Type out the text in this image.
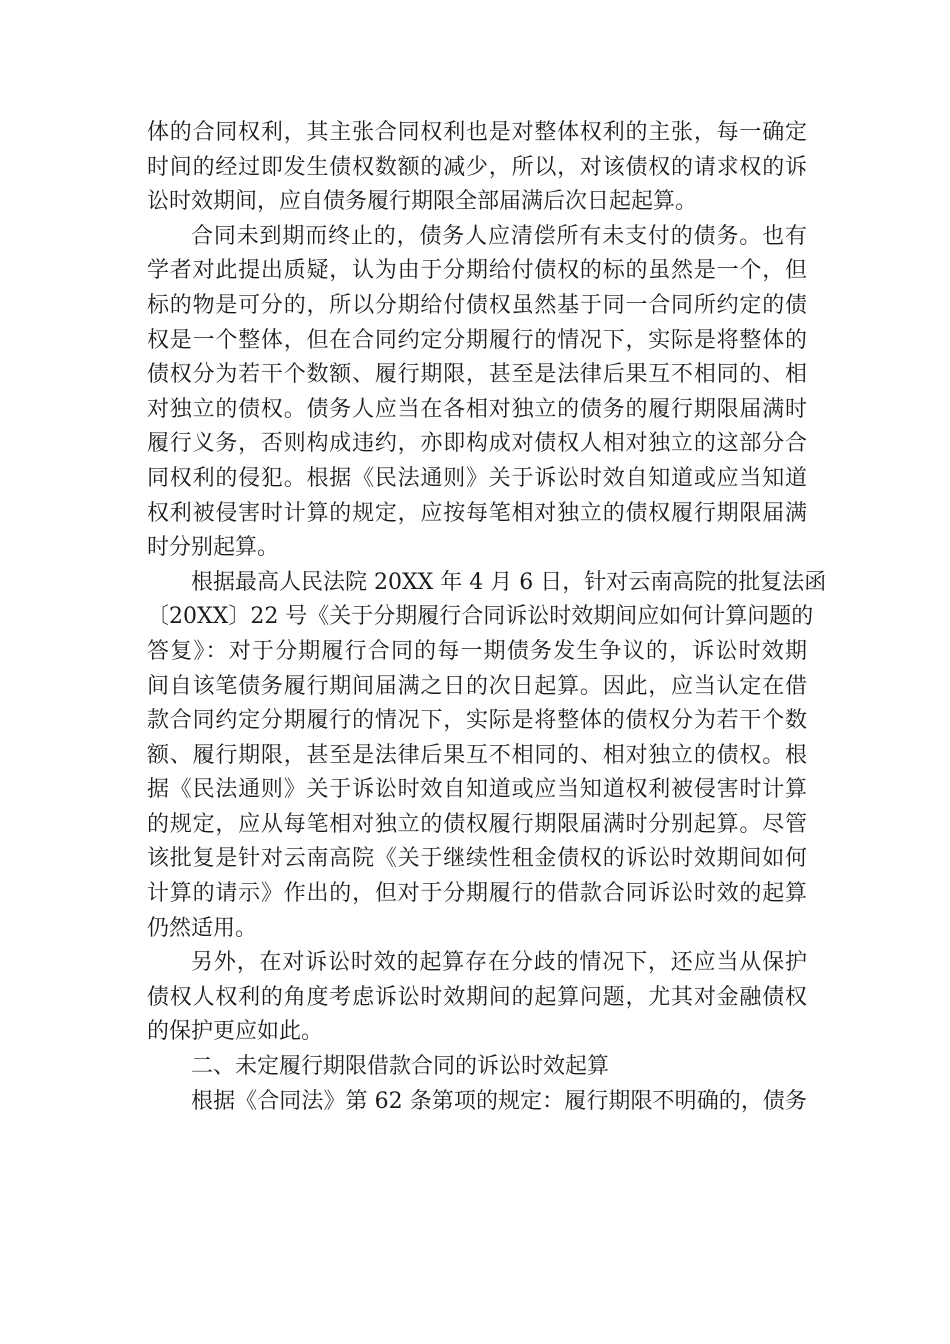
体的合同权利，其主张合同权利也是对整体权利的主张，每一确定
时间的经过即发生债权数额的减少，所以，对该债权的请求权的诉
讼时效期间，应自债务履行期限全部届满后次日起起算。
合同未到期而终止的，债务人应清偿所有未支付的债务。也有
学者对此提出质疑，认为由于分期给付债权的标的虽然是一个，但
标的物是可分的，所以分期给付债权虽然基于同一合同所约定的债
权是一个整体，但在合同约定分期履行的情况下，实际是将整体的
债权分为若干个数额、履行期限，甚至是法律后果互不相同的、相
对独立的债权。债务人应当在各相对独立的债务的履行期限届满时
履行义务，否则构成违约，亦即构成对债权人相对独立的这部分合
同权利的侵犯。根据《民法通则》关于诉讼时效自知道或应当知道
权利被侵害时计算的规定，应按每笔相对独立的债权履行期限届满
时分别起算。
根据最高人民法院 20XX 年 4 月 6 日，针对云南高院的批复法函
〔20XX〕22 号《关于分期履行合同诉讼时效期间应如何计算问题的
答复》：对于分期履行合同的每一期债务发生争议的，诉讼时效期
间自该笔债务履行期间届满之日的次日起算。因此，应当认定在借
款合同约定分期履行的情况下，实际是将整体的债权分为若干个数
额、履行期限，甚至是法律后果互不相同的、相对独立的债权。根
据《民法通则》关于诉讼时效自知道或应当知道权利被侵害时计算
的规定，应从每笔相对独立的债权履行期限届满时分别起算。尽管
该批复是针对云南高院《关于继续性租金债权的诉讼时效期间如何
计算的请示》作出的，但对于分期履行的借款合同诉讼时效的起算
仍然适用。
另外，在对诉讼时效的起算存在分歧的情况下，还应当从保护
债权人权利的角度考虑诉讼时效期间的起算问题，尤其对金融债权
的保护更应如此。
二、未定履行期限借款合同的诉讼时效起算
根据《合同法》第 62 条第项的规定：履行期限不明确的，债务
